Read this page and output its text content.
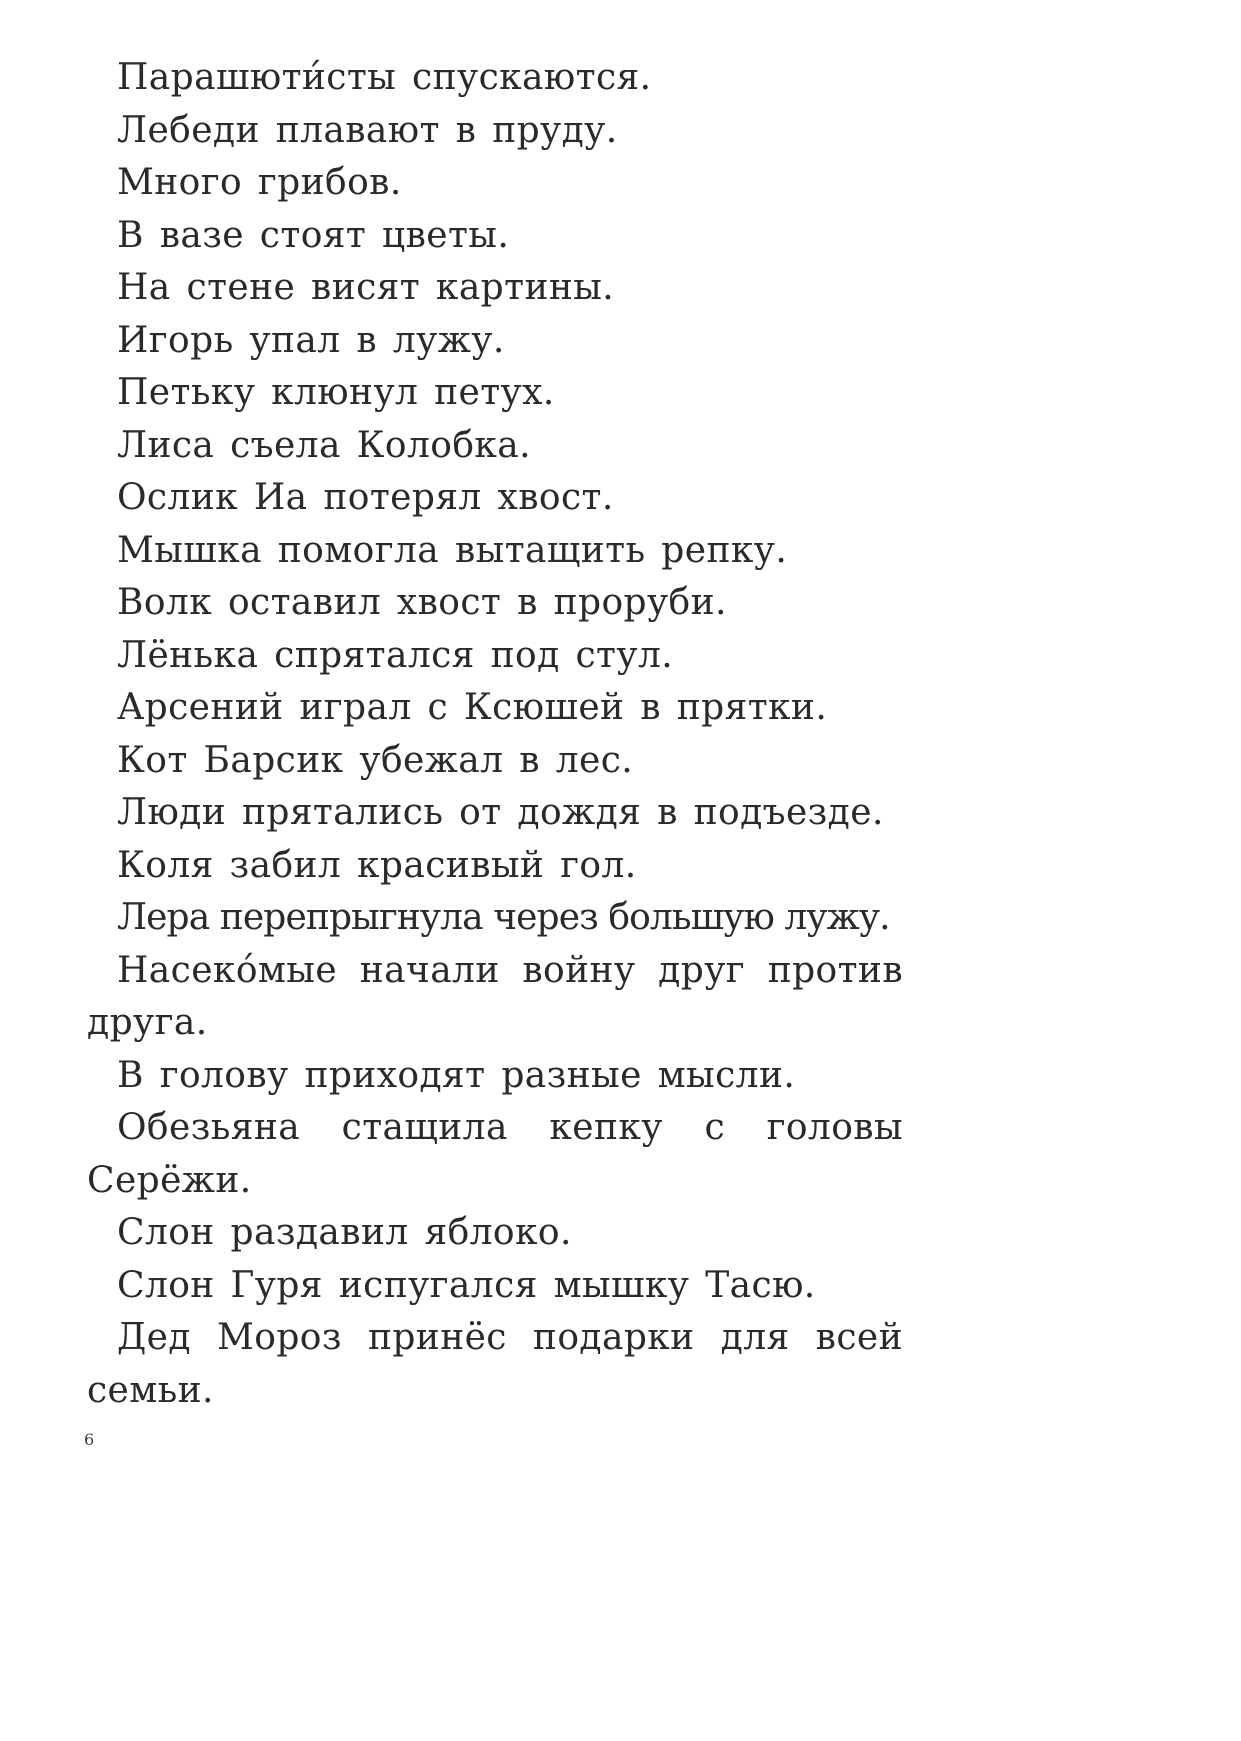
Парашюти́сты спускаются.
Лебеди плавают в пруду.
Много грибов.
В вазе стоят цветы.
На стене висят картины.
Игорь упал в лужу.
Петьку клюнул петух.
Лиса съела Колобка.
Ослик Иа потерял хвост.
Мышка помогла вытащить репку.
Волк оставил хвост в проруби.
Лёнька спрятался под стул.
Арсений играл с Ксюшей в прятки.
Кот Барсик убежал в лес.
Люди прятались от дождя в подъезде.
Коля забил красивый гол.
Лера перепрыгнула через большую лужу.
Насеко́мые начали войну друг против
друга.
В голову приходят разные мысли.
Обезьяна стащила кепку с головы
Серёжи.
Слон раздавил яблоко.
Слон Гуря испугался мышку Тасю.
Дед Мороз принёс подарки для всей
семьи.
6
